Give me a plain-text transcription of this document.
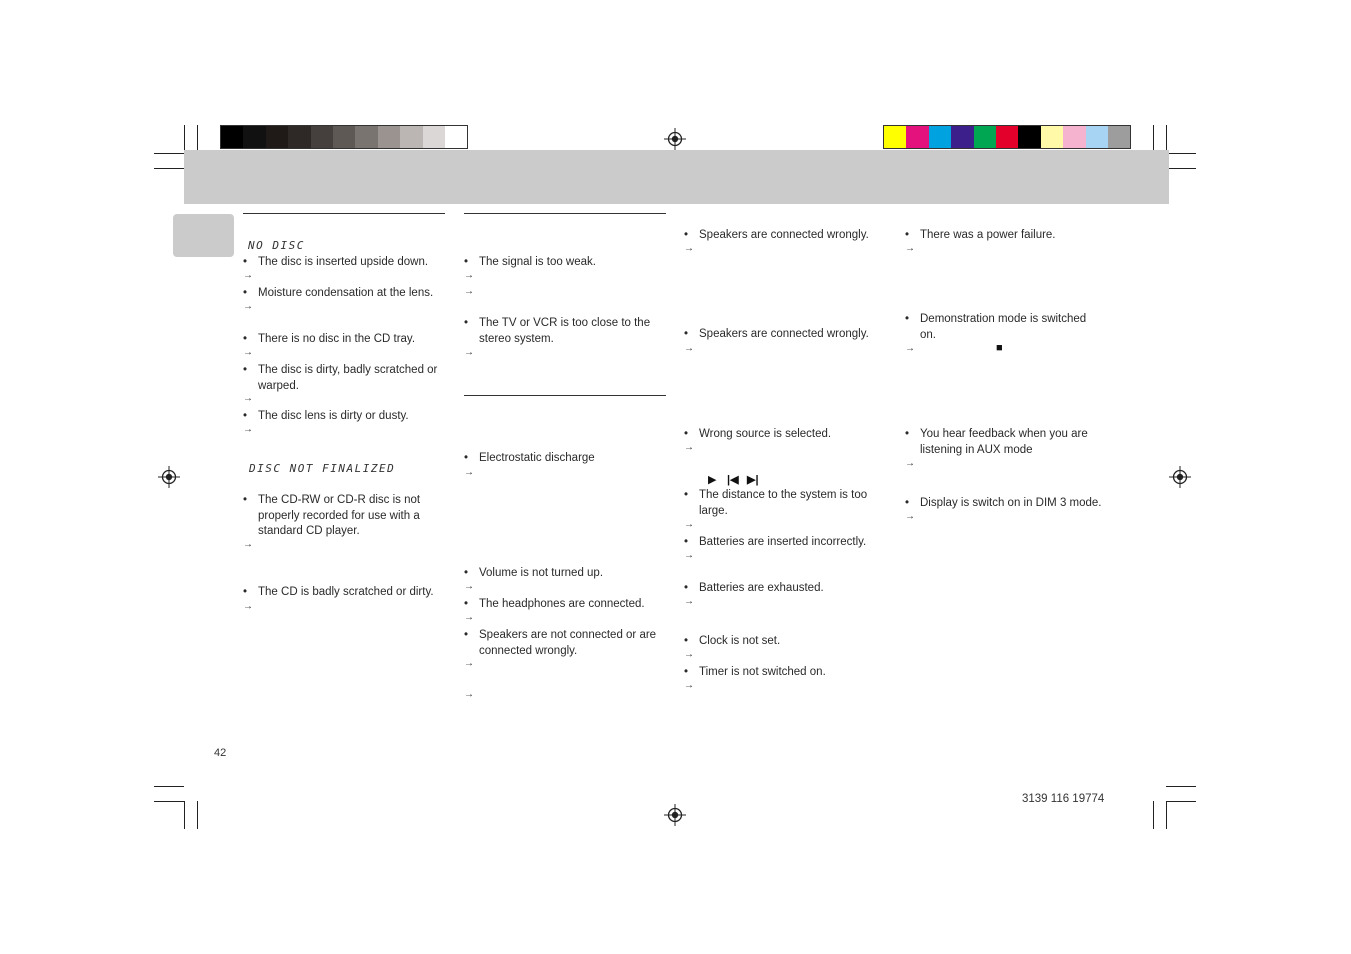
NO DISC
• The disc is inserted upside down.
→
• Moisture condensation at the lens.
→
• There is no disc in the CD tray.
→
• The disc is dirty, badly scratched or warped.
→
• The disc lens is dirty or dusty.
→
DISC NOT FINALIZED
• The CD-RW or CD-R disc is not properly recorded for use with a standard CD player.
→
• The CD is badly scratched or dirty.
→
• The signal is too weak.
→
→
• The TV or VCR is too close to the stereo system.
→
• Electrostatic discharge
→
• Volume is not turned up.
→
• The headphones are connected.
→
• Speakers are not connected or are connected wrongly.
→
→
• Speakers are connected wrongly.
→
• Speakers are connected wrongly.
→
• Wrong source is selected.
→
▶ |◀ ▶|
• The distance to the system is too large.
→
• Batteries are inserted incorrectly.
→
• Batteries are exhausted.
→
• Clock is not set.
→
• Timer is not switched on.
→
• There was a power failure.
→
• Demonstration mode is switched on.
→	■
• You hear feedback when you are listening in AUX mode
→
• Display is switch on in DIM 3 mode.
→
42
3139 116 19774
